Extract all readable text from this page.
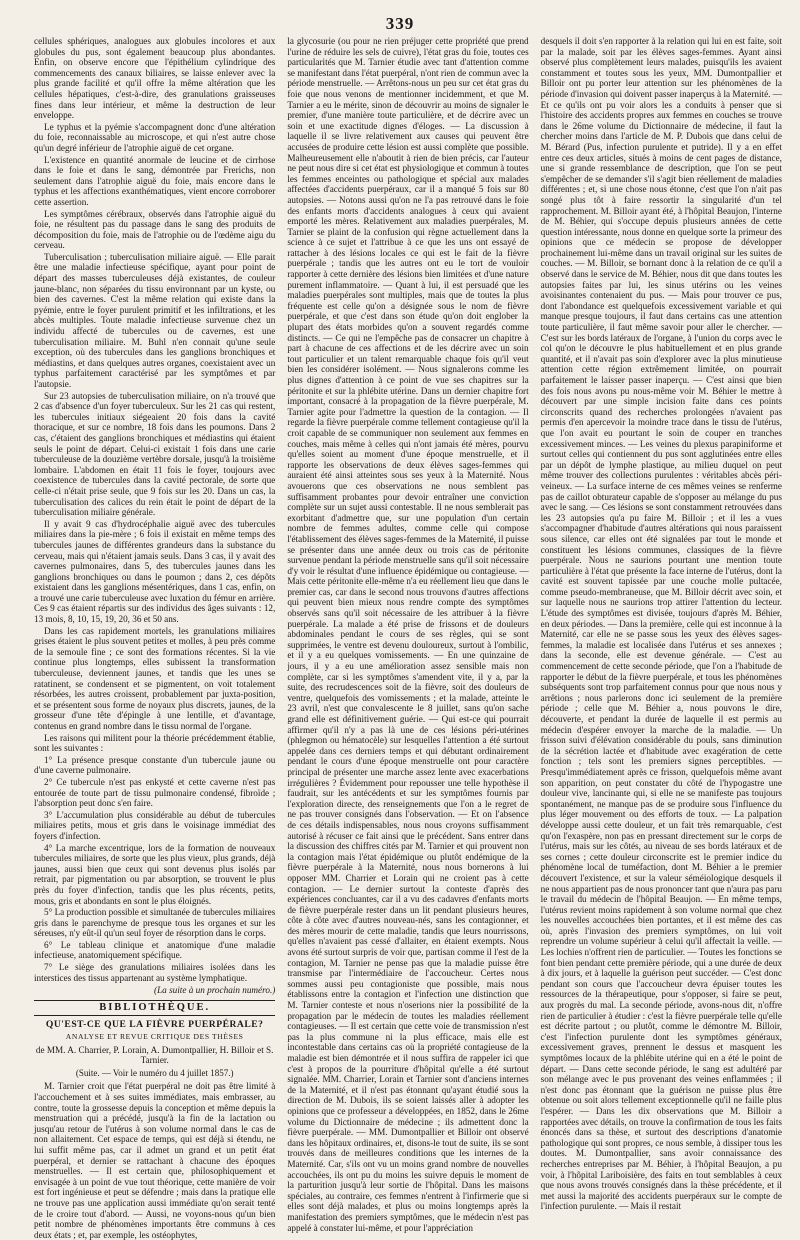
339

cellules sphériques, analogues aux globules incolores et aux globules du pus, sont également beaucoup plus abondantes. Enfin, on observe encore que l'épithélium cylindrique des commencements des canaux biliaires, se laisse enlever avec la plus grande facilité et qu'il offre la même altération que les cellules hépatiques, c'est-à-dire, des granulations graisseuses fines dans leur intérieur, et même la destruction de leur enveloppe.

Le typhus et la pyémie s'accompagnent donc d'une altération du foie, reconnaissable au microscope, et qui n'est autre chose qu'un degré inférieur de l'atrophie aiguë de cet organe.

L'existence en quantité anormale de leucine et de cirrhose dans le foie et dans le sang, démontrée par Frerichs, non seulement dans l'atrophie aiguë du foie, mais encore dans le typhus et les affections exanthématiques, vient encore corroborer cette assertion.

Les symptômes cérébraux, observés dans l'atrophie aiguë du foie, ne résultent pas du passage dans le sang des produits de décomposition du foie, mais de l'atrophie ou de l'œdème aigu du cerveau.

Tuberculisation ; tuberculisation miliaire aiguë. — Elle parait être une maladie infectieuse spécifique, ayant pour point de départ des masses tuberculeuses déjà existantes, de couleur jaune-blanc, non séparées du tissu environnant par un kyste, ou bien des cavernes. C'est la même relation qui existe dans la pyémie, entre le foyer purulent primitif et les infiltrations, et les abcès multiples. Toute maladie infectieuse survenue chez un individu affecté de tubercules ou de cavernes, est une tuberculisation miliaire. M. Buhl n'en connait qu'une seule exception, où des tubercules dans les ganglions bronchiques et médiastins, et dans quelques autres organes, coexistaient avec un typhus parfaitement caractérisé par les symptômes et par l'autopsie.

Sur 23 autopsies de tuberculisation miliaire, on n'a trouvé que 2 cas d'absence d'un foyer tuberculeux. Sur les 21 cas qui restent, les tubercules initiaux siégeaient 20 fois dans la cavité thoracique, et sur ce nombre, 18 fois dans les poumons. Dans 2 cas, c'étaient des ganglions bronchiques et médiastins qui étaient seuls le point de départ. Celui-ci existait 1 fois dans une carie tuberculeuse de la douzième vertèbre dorsale, jusqu'à la troisième lombaire. L'abdomen en était 11 fois le foyer, toujours avec coexistence de tubercules dans la cavité pectorale, de sorte que celle-ci n'était prise seule, que 9 fois sur les 20. Dans un cas, la tuberculisation des calices du rein était le point de départ de la tuberculisation miliaire générale.

Il y avait 9 cas d'hydrocéphalie aiguë avec des tubercules miliaires dans la pie-mère ; 6 fois il existait en même temps des tubercules jaunes de différentes grandeurs dans la substance du cerveau, mais qui n'étaient jamais seuls. Dans 3 cas, il y avait des cavernes pulmonaires, dans 5, des tubercules jaunes dans les ganglions bronchiques ou dans le poumon ; dans 2, ces dépôts existaient dans les ganglions mésentériques, dans 1 cas, enfin, on a trouvé une carie tuberculeuse avec luxation du fémur en arrière. Ces 9 cas étaient répartis sur des individus des âges suivants : 12, 13 mois, 8, 10, 15, 19, 20, 36 et 50 ans.

Dans les cas rapidement mortels, les granulations miliaires grises étaient le plus souvent petites et molles, à peu près comme de la semoule fine ; ce sont des formations récentes. Si la vie continue plus longtemps, elles subissent la transformation tuberculeuse, deviennent jaunes, et tandis que les unes se ratatinent, se condensent et se pigmentent, on voit totalement résorbées, les autres croissent, probablement par juxta-position, et se présentent sous forme de noyaux plus discrets, jaunes, de la grosseur d'une tête d'épingle à une lentille, et d'avantage, contenus en grand nombre dans le tissu normal de l'organe.

Les raisons qui militent pour la théorie précédemment établie, sont les suivantes :

1° La présence presque constante d'un tubercule jaune ou d'une caverne pulmonaire.

2° Ce tubercule n'est pas enkysté et cette caverne n'est pas entourée de toute part de tissu pulmonaire condensé, fibroïde ; l'absorption peut donc s'en faire.

3° L'accumulation plus considérable au début de tubercules miliaires petits, mous et gris dans le voisinage immédiat des foyers d'infection.

4° La marche excentrique, lors de la formation de nouveaux tubercules miliaires, de sorte que les plus vieux, plus grands, déjà jaunes, aussi bien que ceux qui sont devenus plus isolés par retrait, par pigmentation ou par absorption, se trouvent le plus près du foyer d'infection, tandis que les plus récents, petits, mous, gris et abondants en sont le plus éloignés.

5° La production possible et simultanée de tubercules miliaires gris dans le parenchyme de presque tous les organes et sur les séreuses, n'y eût-il qu'un seul foyer de résorption dans le corps.

6° Le tableau clinique et anatomique d'une maladie infectieuse, anatomiquement spécifique.

7° Le siège des granulations miliaires isolées dans les interstices des tissus appartenant au système lymphatique.

(La suite à un prochain numéro.)
BIBLIOTHÈQUE.
QU'EST-CE QUE LA FIÈVRE PUERPÉRALE?
ANALYSE ET REVUE CRITIQUE DES THÈSES
de MM. A. Charrier, P. Lorain, A. Dumontpallier, H. Billoir et S. Tarnier.
(Suite. — Voir le numéro du 4 juillet 1857.)

M. Tarnier croit que l'état puerpéral ne doit pas être limité à l'accouchement et à ses suites immédiates, mais embrasser, au contre, toute la grossesse depuis la conception et même depuis la menstruation qui a précédé, jusqu'à la fin de la lactation ou jusqu'au retour de l'utérus à son volume normal dans le cas de non allaitement. Cet espace de temps, qui est déjà si étendu, ne lui suffit même pas, car il admet un grand et un petit état puerpéral, et dernier se rattachant à chacune des époques menstruelles. — Il est certain que, philosophiquement et envisagée à un point de vue tout théorique, cette manière de voir est fort ingénieuse et peut se défendre ; mais dans la pratique elle ne trouve pas une application aussi immédiate qu'on serait tenté de le croire tout d'abord. — Aussi, ne voyons-nous qu'un bien petit nombre de phénomènes importants être communs à ces deux états ; et, par exemple, les ostéophytes,

la glycosurie (ou pour ne rien préjuger cette propriété que prend l'urine de réduire les sels de cuivre), l'état gras du foie, toutes ces particularités que M. Tarnier étudie avec tant d'attention comme se manifestant dans l'état puerpéral, n'ont rien de commun avec la période menstruelle. — Arrêtons-nous un peu sur cet état gras du foie que nous venons de mentionner incidemment, et que M. Tarnier a eu le mérite, sinon de découvrir au moins de signaler le premier, d'une manière toute particulière, et de décrire avec un soin et une exactitude dignes d'éloges. — La discussion à laquelle il se livre relativement aux causes qui peuvent être accusées de produire cette lésion est aussi complète que possible. Malheureusement elle n'aboutit à rien de bien précis, car l'auteur ne peut nous dire si cet état est physiologique et commun à toutes les femmes enceintes ou pathologique et spécial aux malades affectées d'accidents puerpéraux, car il a manqué 5 fois sur 80 autopsies. — Notons aussi qu'on ne l'a pas retrouvé dans le foie des enfants morts d'accidents analogues à ceux qui avaient emporté les mères. Relativement aux maladies puerpérales, M. Tarnier se plaint de la confusion qui règne actuellement dans la science à ce sujet et l'attribue à ce que les uns ont essayé de rattacher à des lésions locales ce qui est le fait de la fièvre puerpérale ; tandis que les autres ont eu le tort de vouloir rapporter à cette dernière des lésions bien limitées et d'une nature purement inflammatoire. — Quant à lui, il est persuadé que les maladies puerpérales sont multiples, mais que de toutes la plus fréquente est celle qu'on a désignée sous le nom de fièvre puerpérale, et que c'est dans son étude qu'on doit englober la plupart des états morbides qu'on a souvent regardés comme distincts. — Ce qui ne l'empêche pas de consacrer un chapitre à part à chacune de ces affections et de les décrire avec un soin tout particulier et un talent remarquable chaque fois qu'il veut bien les considérer isolément. — Nous signalerons comme les plus dignes d'attention à ce point de vue ses chapitres sur la péritonite et sur la phlébite utérine. Dans un dernier chapitre fort important, consacré à la propagation de la fièvre puerpérale, M. Tarnier agite pour l'admettre la question de la contagion. — Il regarde la fièvre puerpérale comme tellement contagieuse qu'il la croit capable de se communiquer non seulement aux femmes en couches, mais même à celles qui n'ont jamais été mères, pourvu qu'elles soient au moment d'une époque menstruelle, et il rapporte les observations de deux élèves sages-femmes qui auraient été ainsi atteintes sous ses yeux à la Maternité. Nous avouerons que ces observations ne nous semblent pas suffisamment probantes pour devoir entraîner une conviction complète sur un sujet aussi contestable. Il ne nous semblerait pas exorbitant d'admettre que, sur une population d'un certain nombre de femmes adultes, comme celle qui compose l'établissement des élèves sages-femmes de la Maternité, il puisse se présenter dans une année deux ou trois cas de péritonite survenue pendant la période menstruelle sans qu'il soit nécessaire d'y voir le résultat d'une influence épidémique ou contagieuse. — Mais cette péritonite elle-même n'a eu réellement lieu que dans le premier cas, car dans le second nous trouvons d'autres affections qui peuvent bien mieux nous rendre compte des symptômes observés sans qu'il soit nécessaire de les attribuer à la fièvre puerpérale. La malade a été prise de frissons et de douleurs abdominales pendant le cours de ses règles, qui se sont supprimées, le ventre est devenu douloureux, surtout à l'ombilic, et il y a eu quelques vomissements. — En une quinzaine de jours, il y a eu une amélioration assez sensible mais non complète, car si les symptômes s'amendent vite, il y a, par la suite, des recrudescences soit de la fièvre, soit des douleurs de ventre, quelquefois des vomissements ; et la malade, atteinte le 23 avril, n'est que convalescente le 8 juillet, sans qu'on sache grand elle est définitivement guérie. — Qui est-ce qui pourrait affirmer qu'il n'y a pas là une de ces lésions péri-utérines (phlegmon ou hématocèle) sur lesquelles l'attention a été surtout appelée dans ces derniers temps et qui débutant ordinairement pendant le cours d'une époque menstruelle ont pour caractère principal de présenter une marche assez lente avec exacerbations irrégulières ? Évidemment pour repousser une telle hypothèse il faudrait, sur les antécédents et sur les symptômes fournis par l'exploration directe, des renseignements que l'on a le regret de ne pas trouver consignés dans l'observation. — Et on l'absence de ces détails indispensables, nous nous croyons suffisamment autorisé à récuser ce fait ainsi que le précédent. Sans entrer dans la discussion des chiffres cités par M. Tarnier et qui prouvent non la contagion mais l'état épidémique ou plutôt endémique de la fièvre puerpérale à la Maternité, nous nous bornerons à lui opposer MM. Charrier et Lorain qui ne croient pas à cette contagion. — Le dernier surtout la conteste d'après des expériences concluantes, car il a vu des cadavres d'enfants morts de fièvre puerpérale rester dans un lit pendant plusieurs heures, côte à côte avec d'autres nouveau-nés, sans les contagionner, et des mères mourir de cette maladie, tandis que leurs nourrissons, qu'elles n'avaient pas cessé d'allaiter, en étaient exempts. Nous avons été surtout surpris de voir que, partisan comme il l'est de la contagion, M. Tarnier ne pense pas que la maladie puisse être transmise par l'intermédiaire de l'accoucheur. Certes nous sommes aussi peu contagioniste que possible, mais nous établissons entre la contagion et l'infection une distinction que M. Tarnier conteste et nous n'oserions nier la possibilité de la propagation par le médecin de toutes les maladies réellement contagieuses. — Il est certain que cette voie de transmission n'est pas la plus commune ni la plus efficace, mais elle est incontestable dans certains cas où la propriété contagieuse de la maladie est bien démontrée et il nous suffira de rappeler ici que c'est à propos de la pourriture d'hôpital qu'elle a été surtout signalée. MM. Charrier, Lorain et Tarnier sont d'anciens internes de la Maternité, et il n'est pas étonnant qu'ayant étudié sous la direction de M. Dubois, ils se soient laissés aller à adopter les opinions que ce professeur a développées, en 1852, dans le 26me volume du Dictionnaire de médecine ; ils admettent donc la fièvre puerpérale. — MM. Dumontpallier et Billoir ont observé dans les hôpitaux ordinaires, et, disons-le tout de suite, ils se sont trouvés dans de meilleures conditions que les internes de la Maternité. Car, s'ils ont vu un moins grand nombre de nouvelles accouchées, ils ont pu du moins les suivre depuis le moment de la parturition jusqu'à leur sortie de l'hôpital. Dans les maisons spéciales, au contraire, ces femmes n'entrent à l'infirmerie que si elles sont déjà malades, et plus ou moins longtemps après la manifestation des premiers symptômes, que le médecin n'est pas appelé à constater lui-même, et pour l'appréciation

desquels il doit s'en rapporter à la relation qui lui en est faite, soit par la malade, soit par les élèves sages-femmes. Ayant ainsi observé plus complètement leurs malades, puisqu'ils les avaient constamment et toutes sous les yeux, MM. Dumontpallier et Billoir ont pu porter leur attention sur les phénomènes de la période d'invasion qui doivent passer inaperçus à la Maternité. — Et ce qu'ils ont pu voir alors les a conduits à penser que si l'histoire des accidents propres aux femmes en couches se trouve dans le 26me volume du Dictionnaire de médecine, il faut la chercher moins dans l'article de M. P. Dubois que dans celui de M. Bérard (Pus, infection purulente et putride). Il y a en effet entre ces deux articles, situés à moins de cent pages de distance, une si grande ressemblance de description, que l'on se peut s'empêcher de se demander s'il s'agit bien réellement de maladies différentes ; et, si une chose nous étonne, c'est que l'on n'ait pas songé plus tôt à faire ressortir la singularité d'un tel rapprochement. M. Billoir ayant été, à l'hôpital Beaujon, l'interne de M. Béhier, qui s'occupe depuis plusieurs années de cette question intéressante, nous donne en quelque sorte la primeur des opinions que ce médecin se propose de développer prochainement lui-même dans un travail original sur les suites de couches. — M. Billoir, se bornant donc à la relation de ce qu'il a observé dans le service de M. Béhier, nous dit que dans toutes les autopsies faites par lui, les sinus utérins ou les veines avoisinantes contenaient du pus. — Mais pour trouver ce pus, dont l'abondance est quelquefois excessivement variable et qui manque presque toujours, il faut dans certains cas une attention toute particulière, il faut même savoir pour aller le chercher. — C'est sur les bords latéraux de l'organe, à l'union du corps avec le col qu'on le découvre le plus habituellement et en plus grande quantité, et il n'avait pas soin d'explorer avec la plus minutieuse attention cette région extrêmement limitée, on pourrait parfaitement le laisser passer inaperçu. — C'est ainsi que bien des fois nous avons pu nous-même voir M. Béhier le mettre à découvert par une simple incision faite dans ces points circonscrits quand des recherches prolongées n'avaient pas permis d'en apercevoir la moindre trace dans le tissu de l'utérus, que l'on avait eu pourtant le soin de couper en tranches excessivement minces. — Les veines du plexus parapiniforme et surtout celles qui contiennent du pus sont agglutinées entre elles par un dépôt de lymphe plastique, au milieu duquel on peut même trouver des collections purulentes : véritables abcès péri-veineux. — La surface interne de ces mêmes veines se renferme pas de caillot obturateur capable de s'opposer au mélange du pus avec le sang. — Ces lésions se sont constamment retrouvées dans les 23 autopsies qu'a pu faire M. Billoir ; et il les a vues s'accompagner d'habitude d'autres altérations qui nous paraissent sous silence, car elles ont été signalées par tout le monde et constituent les lésions communes, classiques de la fièvre puerpérale. Nous ne saurions pourtant une mention toute particulière à l'état que présente la face interne de l'utérus, dont la cavité est souvent tapissée par une couche molle pultacée, comme pseudo-membraneuse, que M. Billoir décrit avec soin, et sur laquelle nous ne saurions trop attirer l'attention du lecteur. L'étude des symptômes est divisée, toujours d'après M. Béhier, en deux périodes. — Dans la première, celle qui est inconnue à la Maternité, car elle ne se passe sous les yeux des élèves sages-femmes, la maladie est localisée dans l'utérus et ses annexes ; dans la seconde, elle est devenue générale. — C'est au commencement de cette seconde période, que l'on a l'habitude de rapporter le début de la fièvre puerpérale, et tous les phénomènes subséquents sont trop parfaitement connus pour que nous nous y arrêtions ; nous parlerons donc ici seulement de la première période ; celle que M. Béhier a, nous pouvons le dire, découverte, et pendant la durée de laquelle il est permis au médecin d'espérer envoyer la marche de la maladie. — Un frisson suivi d'élévation considérable du pouls, sans diminution de la sécrétion lactée et d'habitude avec exagération de cette fonction ; tels sont les premiers signes perceptibles. — Presqu'immédiatement après ce frisson, quelquefois même avant son apparition, on peut constater du côté de l'hypogastre une douleur vive, lancinante qui, si elle ne se manifeste pas toujours spontanément, ne manque pas de se produire sous l'influence du plus léger mouvement ou des efforts de toux. — La palpation développe aussi cette douleur, et un fait très remarquable, c'est qu'on l'exaspère, non pas en pressant directement sur le corps de l'utérus, mais sur les côtés, au niveau de ses bords latéraux et de ses cornes ; cette douleur circonscrite est le premier indice du phénomène local de tuméfaction, dont M. Béhier a le premier découvert l'existence, et sur la valeur séméiologique desquels il ne nous appartient pas de nous prononcer tant que n'aura pas paru le travail du médecin de l'hôpital Beaujon. — En même temps, l'utérus revient moins rapidement à son volume normal que chez les nouvelles accouchées bien portantes, et il est même des cas où, après l'invasion des premiers symptômes, on lui voit reprendre un volume supérieur à celui qu'il affectait la veille. — Les lochies n'offrent rien de particulier. — Toutes les fonctions se font bien pendant cette première période, qui a une durée de deux à dix jours, et à laquelle la guérison peut succéder. — C'est donc pendant son cours que l'accoucheur devra épuiser toutes les ressources de la thérapeutique, pour s'opposer, si faire se peut, aux progrès du mal. La seconde période, avons-nous dit, n'offre rien de particulier à étudier : c'est la fièvre puerpérale telle qu'elle est décrite partout ; ou plutôt, comme le démontre M. Billoir, c'est l'infection purulente dont les symptômes généraux, excessivement graves, prennent le dessus et masquent les symptômes locaux de la phlébite utérine qui en a été le point de départ. — Dans cette seconde période, le sang est adultéré par son mélange avec le pus provenant des veines enflammées ; il n'est donc pas étonnant que la guérison ne puisse plus être obtenue ou soit alors tellement exceptionnelle qu'il ne faille plus l'espérer. — Dans les dix observations que M. Billoir a rapportées avec détails, on trouve la confirmation de tous les faits énoncés dans sa thèse, et surtout des descriptions d'anatomie pathologique qui sont propres, ce nous semble, à dissiper tous les doutes. M. Dumontpallier, sans avoir connaissance des recherches entreprises par M. Béhier, à l'hôpital Beaujon, a pu voir, à l'hôpital Lariboisière, des faits en tout semblables à ceux que nous avons trouvés consignés dans la thèse précédente, et il met aussi la majorité des accidents puerpéraux sur le compte de l'infection purulente. — Mais il restait
